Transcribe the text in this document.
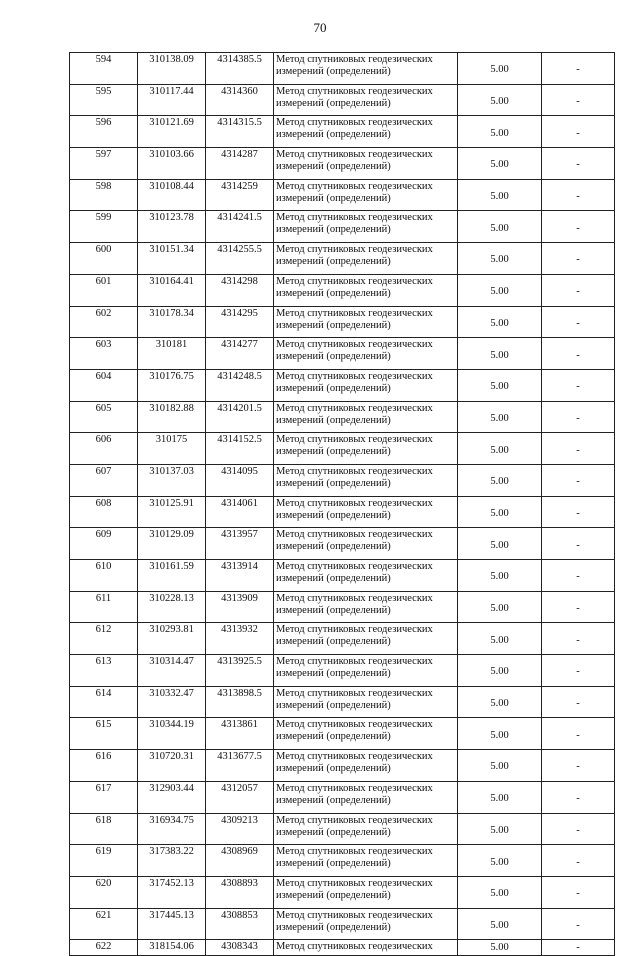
70
594	310138.09	4314385.5	Метод спутниковых геодезических измерений (определений)	5.00	-
595	310117.44	4314360	Метод спутниковых геодезических измерений (определений)	5.00	-
596	310121.69	4314315.5	Метод спутниковых геодезических измерений (определений)	5.00	-
597	310103.66	4314287	Метод спутниковых геодезических измерений (определений)	5.00	-
598	310108.44	4314259	Метод спутниковых геодезических измерений (определений)	5.00	-
599	310123.78	4314241.5	Метод спутниковых геодезических измерений (определений)	5.00	-
600	310151.34	4314255.5	Метод спутниковых геодезических измерений (определений)	5.00	-
601	310164.41	4314298	Метод спутниковых геодезических измерений (определений)	5.00	-
602	310178.34	4314295	Метод спутниковых геодезических измерений (определений)	5.00	-
603	310181	4314277	Метод спутниковых геодезических измерений (определений)	5.00	-
604	310176.75	4314248.5	Метод спутниковых геодезических измерений (определений)	5.00	-
605	310182.88	4314201.5	Метод спутниковых геодезических измерений (определений)	5.00	-
606	310175	4314152.5	Метод спутниковых геодезических измерений (определений)	5.00	-
607	310137.03	4314095	Метод спутниковых геодезических измерений (определений)	5.00	-
608	310125.91	4314061	Метод спутниковых геодезических измерений (определений)	5.00	-
609	310129.09	4313957	Метод спутниковых геодезических измерений (определений)	5.00	-
610	310161.59	4313914	Метод спутниковых геодезических измерений (определений)	5.00	-
611	310228.13	4313909	Метод спутниковых геодезических измерений (определений)	5.00	-
612	310293.81	4313932	Метод спутниковых геодезических измерений (определений)	5.00	-
613	310314.47	4313925.5	Метод спутниковых геодезических измерений (определений)	5.00	-
614	310332.47	4313898.5	Метод спутниковых геодезических измерений (определений)	5.00	-
615	310344.19	4313861	Метод спутниковых геодезических измерений (определений)	5.00	-
616	310720.31	4313677.5	Метод спутниковых геодезических измерений (определений)	5.00	-
617	312903.44	4312057	Метод спутниковых геодезических измерений (определений)	5.00	-
618	316934.75	4309213	Метод спутниковых геодезических измерений (определений)	5.00	-
619	317383.22	4308969	Метод спутниковых геодезических измерений (определений)	5.00	-
620	317452.13	4308893	Метод спутниковых геодезических измерений (определений)	5.00	-
621	317445.13	4308853	Метод спутниковых геодезических измерений (определений)	5.00	-
622	318154.06	4308343	Метод спутниковых геодезических	5.00	-
